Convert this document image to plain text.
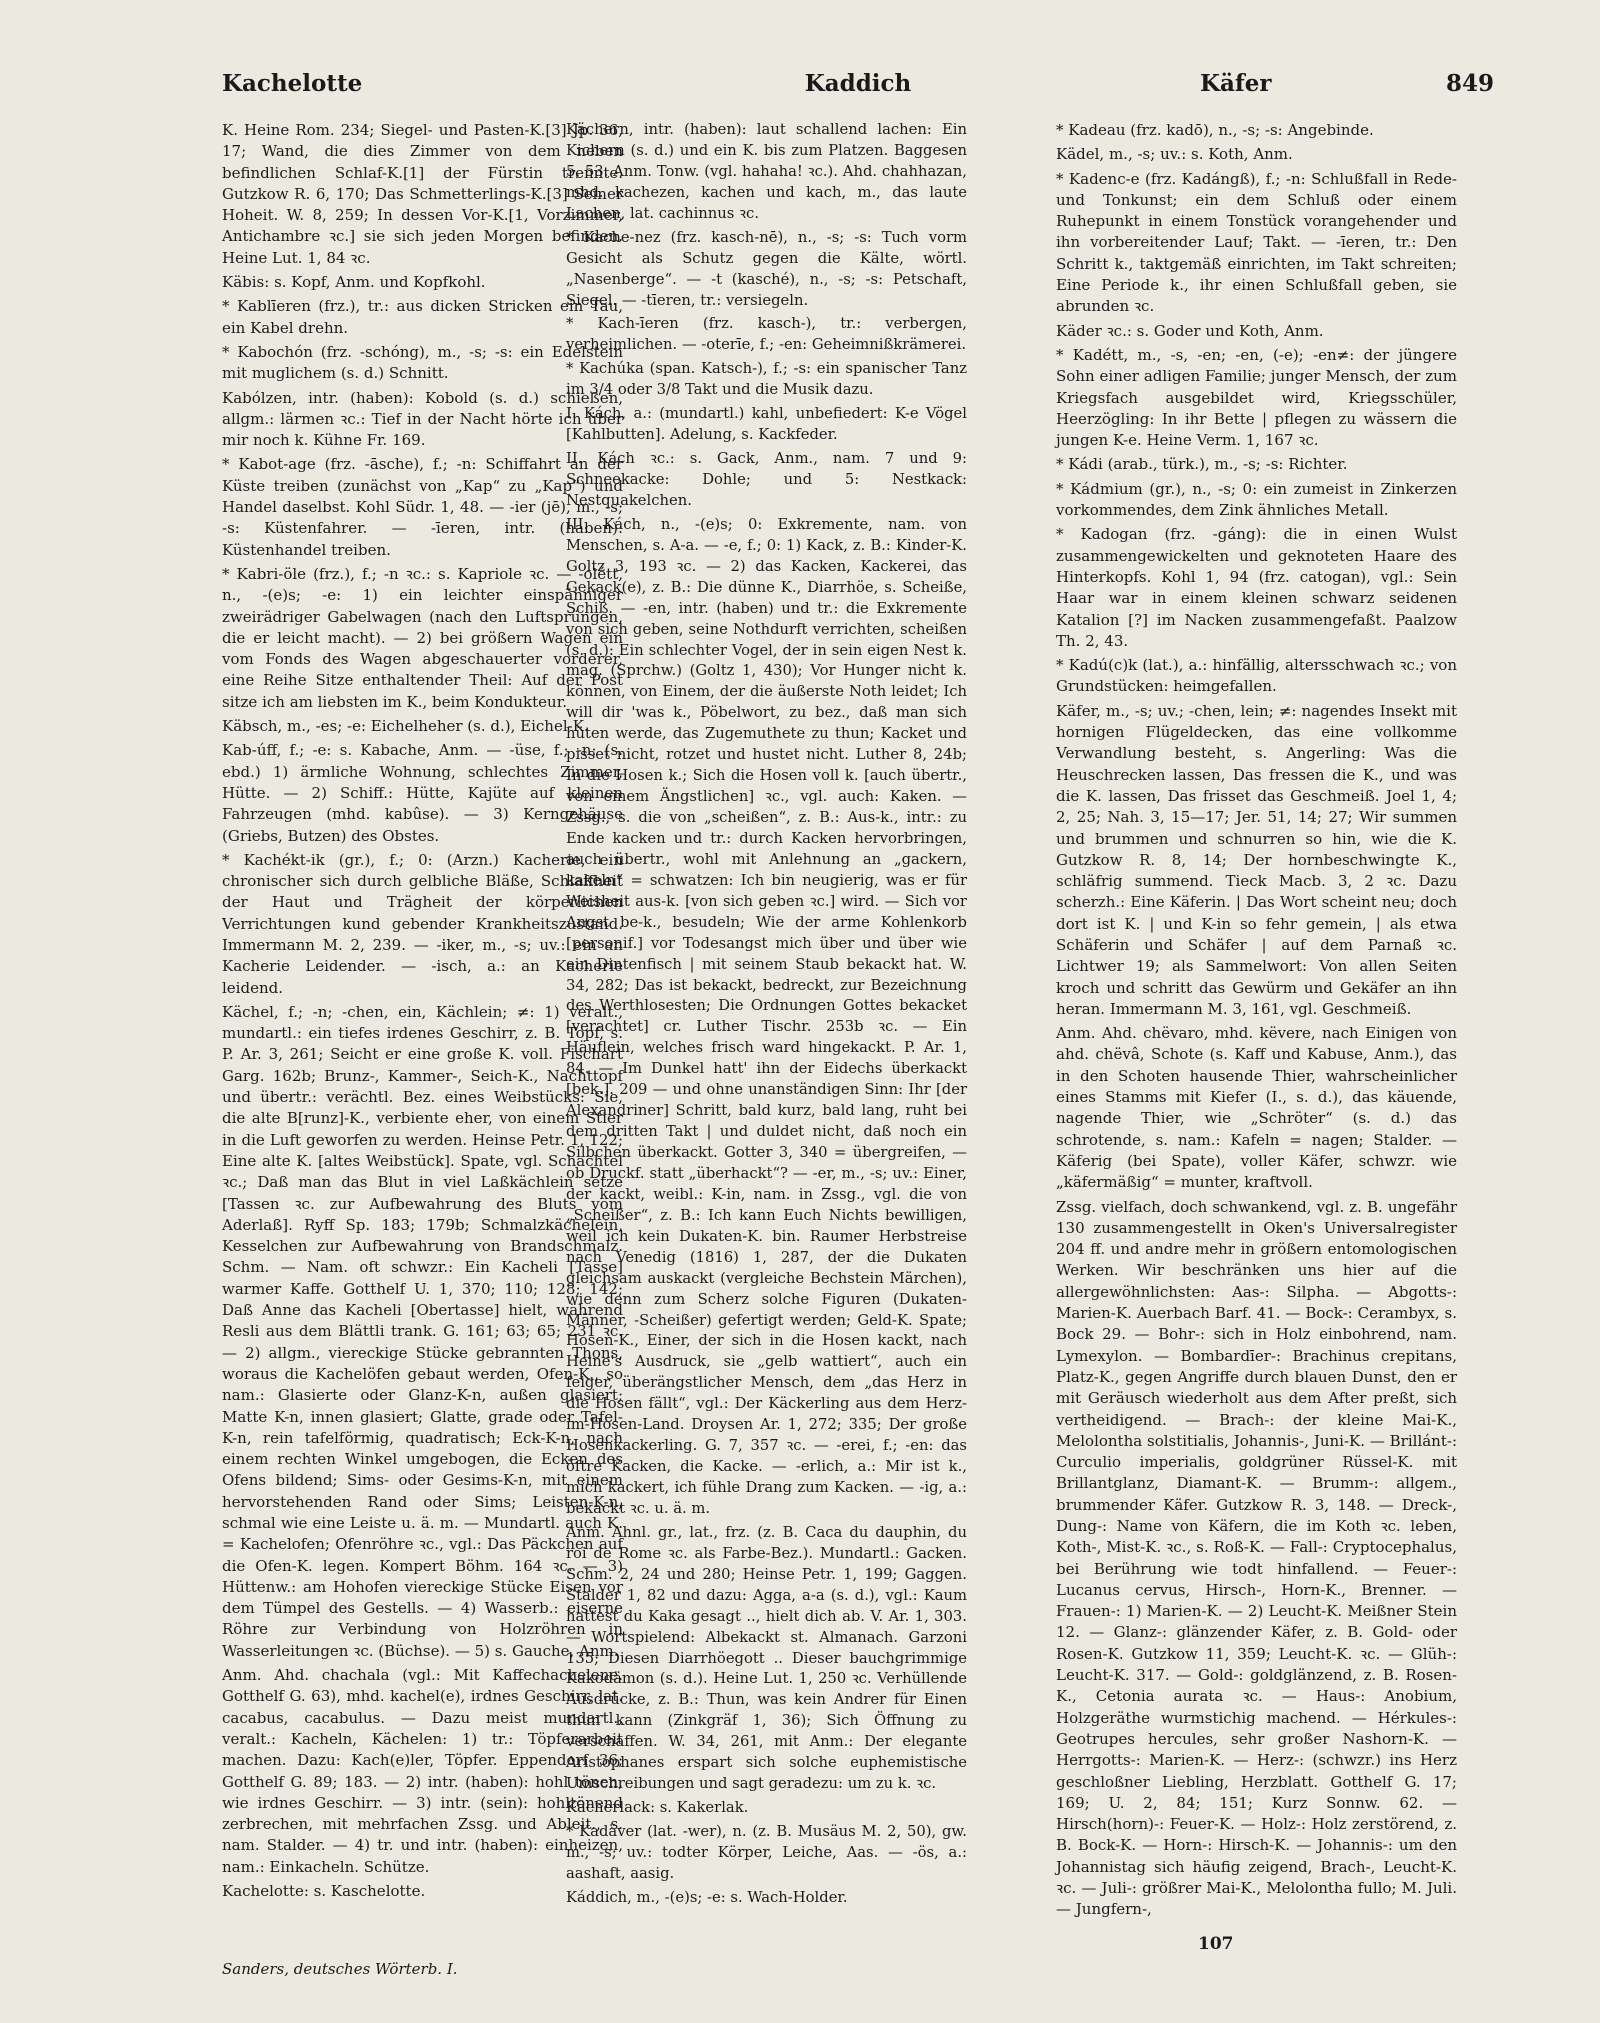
Kachelotte	Kaddich	Käfer	849

K. Heine Rom. 234; Siegel- und Pasten-K.[3] Jp. 36, 17; Wand, die dies Zimmer von dem neben befindlichen Schlaf-K.[1] der Fürstin trennte. Gutzkow R. 6, 170; Das Schmetterlings-K.[3] Seiner Hoheit. W. 8, 259; In dessen Vor-K.[1, Vorzimmer, Antichambre ꝛc.] sie sich jeden Morgen befinden. Heine Lut. 1, 84 ꝛc.

Käbis: s. Kopf, Anm. und Kopfkohl.

* Kablīeren (frz.), tr.: aus dicken Stricken ein Tau, ein Kabel drehn.

* Kabochón (frz. -schóng), m., -s; -s: ein Edelstein mit muglichem (s. d.) Schnitt.

Kabólzen, intr. (haben): Kobold (s. d.) schießen, allgm.: lärmen ꝛc.: Tief in der Nacht hörte ich über mir noch k. Kühne Fr. 169.

* Kabot-age (frz. -āsche), f.; -n: Schiffahrt an der Küste treiben (zunächst von „Kap“ zu „Kap“) und Handel daselbst. Kohl Südr. 1, 48. — -ier (jē), m., -s; -s: Küstenfahrer. — -īeren, intr. (haben): Küstenhandel treiben.

* Kabri-öle (frz.), f.; -n ꝛc.: s. Kapriole ꝛc. — -olétt, n., -(e)s; -e: 1) ein leichter einspänniger zweirädriger Gabelwagen (nach den Luftsprüngen, die er leicht macht). — 2) bei größern Wagen ein vom Fonds des Wagen abgeschauerter vorderer, eine Reihe Sitze enthaltender Theil: Auf der Post sitze ich am liebsten im K., beim Kondukteur.

Käbsch, m., -es; -e: Eichelheher (s. d.), Eichel-K.

Kab-úff, f.; -e: s. Kabache, Anm. — -üse, f.; -n: (s. ebd.) 1) ärmliche Wohnung, schlechtes Zimmer, Hütte. — 2) Schiff.: Hütte, Kajüte auf kleinen Fahrzeugen (mhd. kabûse). — 3) Kerngehäuse (Griebs, Butzen) des Obstes.

* Kachékt-ik (gr.), f.; 0: (Arzn.) Kacherie, ein chronischer sich durch gelbliche Bläße, Schlaffheit der Haut und Trägheit der körperlichen Verrichtungen kund gebender Krankheitszustand. Immermann M. 2, 239. — -iker, m., -s; uv.: ein an Kacherie Leidender. — -isch, a.: an Kacherie leidend.

Kächel, f.; -n; -chen, ein, Kächlein; ≠: 1) veralt., mundartl.: ein tiefes irdenes Geschirr, z. B. Topf, s. P. Ar. 3, 261; Seicht er eine große K. voll. Fischart Garg. 162b; Brunz-, Kammer-, Seich-K., Nachttopf und übertr.: verächtl. Bez. eines Weibstücks: Sie, die alte B[runz]-K., verbiente eher, von einem Stier in die Luft geworfen zu werden. Heinse Petr. 1, 122; Eine alte K. [altes Weibstück]. Spate, vgl. Schachtel ꝛc.; Daß man das Blut in viel Laßkächlein setze [Tassen ꝛc. zur Aufbewahrung des Bluts vom Aderlaß]. Ryff Sp. 183; 179b; Schmalzkächelein, Kesselchen zur Aufbewahrung von Brandschmalz. Schm. — Nam. oft schwzr.: Ein Kacheli [Tasse] warmer Kaffe. Gotthelf U. 1, 370; 110; 128; 142; Daß Anne das Kacheli [Obertasse] hielt, während Resli aus dem Blättli trank. G. 161; 63; 65; 231 ꝛc. — 2) allgm., viereckige Stücke gebrannten Thons, woraus die Kachelöfen gebaut werden, Ofen-K., so nam.: Glasierte oder Glanz-K-n, außen glasiert; Matte K-n, innen glasiert; Glatte, grade oder Tafel-K-n, rein tafelförmig, quadratisch; Eck-K-n, nach einem rechten Winkel umgebogen, die Ecken des Ofens bildend; Sims- oder Gesims-K-n, mit einem hervorstehenden Rand oder Sims; Leisten-K-n, schmal wie eine Leiste u. ä. m. — Mundartl. auch K. = Kachelofen; Ofenröhre ꝛc., vgl.: Das Päckchen auf die Ofen-K. legen. Kompert Böhm. 164 ꝛc. — 3) Hüttenw.: am Hohofen viereckige Stücke Eisen vor dem Tümpel des Gestells. — 4) Wasserb.: eiserne Röhre zur Verbindung von Holzröhren in Wasserleitungen ꝛc. (Büchse). — 5) s. Gauche, Anm.

Anm. Ahd. chachala (vgl.: Mit Kaffechachelene. Gotthelf G. 63), mhd. kachel(e), irdnes Geschirr, lat. cacabus, cacabulus. — Dazu meist mundartl., veralt.: Kacheln, Kächelen: 1) tr.: Töpferarbeit machen. Dazu: Kach(e)ler, Töpfer. Eppendorf 36; Gotthelf G. 89; 183. — 2) intr. (haben): hohl tönen, wie irdnes Geschirr. — 3) intr. (sein): hohltönend zerbrechen, mit mehrfachen Zssg. und Ableit., s. nam. Stalder. — 4) tr. und intr. (haben): einheizen, nam.: Einkacheln. Schütze.

Kachelotte: s. Kaschelotte.

Kächern, intr. (haben): laut schallend lachen: Ein Kichern (s. d.) und ein K. bis zum Platzen. Baggesen 5, 53. Anm. Tonw. (vgl. hahaha! ꝛc.). Ahd. chahhazan, mhd. kachezen, kachen und kach, m., das laute Lachen, lat. cachinnus ꝛc.

* Kache-nez (frz. kasch-nē), n., -s; -s: Tuch vorm Gesicht als Schutz gegen die Kälte, wörtl. „Nasenberge“. — -t (kasché), n., -s; -s: Petschaft, Siegel. — -tīeren, tr.: versiegeln.

* Kach-īeren (frz. kasch-), tr.: verbergen, verheimlichen. — -oterīe, f.; -en: Geheimnißkrämerei.

* Kachúka (span. Katsch-), f.; -s: ein spanischer Tanz im 3/4 oder 3/8 Takt und die Musik dazu.

I. Kách, a.: (mundartl.) kahl, unbefiedert: K-e Vögel [Kahlbutten]. Adelung, s. Kackfeder.

II. Kách ꝛc.: s. Gack, Anm., nam. 7 und 9: Schneekacke: Dohle; und 5: Nestkack: Nestquakelchen.

III. Kách, n., -(e)s; 0: Exkremente, nam. von Menschen, s. A-a. — -e, f.; 0: 1) Kack, z. B.: Kinder-K. Goltz 3, 193 ꝛc. — 2) das Kacken, Kackerei, das Gekack(e), z. B.: Die dünne K., Diarrhöe, s. Scheiße, Schiß. — -en, intr. (haben) und tr.: die Exkremente von sich geben, seine Nothdurft verrichten, scheißen (s. d.): Ein schlechter Vogel, der in sein eigen Nest k. mag. (Sprchw.) (Goltz 1, 430); Vor Hunger nicht k. können, von Einem, der die äußerste Noth leidet; Ich will dir 'was k., Pöbelwort, zu bez., daß man sich hüten werde, das Zugemuthete zu thun; Kacket und pisset nicht, rotzet und hustet nicht. Luther 8, 24b; In die Hosen k.; Sich die Hosen voll k. [auch übertr., von einem Ängstlichen] ꝛc., vgl. auch: Kaken. — Zssg., s. die von „scheißen“, z. B.: Aus-k., intr.: zu Ende kacken und tr.: durch Kacken hervorbringen, auch übertr., wohl mit Anlehnung an „gackern, kakeln“ = schwatzen: Ich bin neugierig, was er für Weisheit aus-k. [von sich geben ꝛc.] wird. — Sich vor Angst be-k., besudeln; Wie der arme Kohlenkorb [personif.] vor Todesangst mich über und über wie ein Dintenfisch | mit seinem Staub bekackt hat. W. 34, 282; Das ist bekackt, bedreckt, zur Bezeichnung des Werthlosesten; Die Ordnungen Gottes bekacket [verachtet] cr. Luther Tischr. 253b ꝛc. — Ein Häuflein, welches frisch ward hingekackt. P. Ar. 1, 84. — Im Dunkel hatt' ihn der Eidechs überkackt [bek.]. 209 — und ohne unanständigen Sinn: Ihr [der Alexandriner] Schritt, bald kurz, bald lang, ruht bei dem dritten Takt | und duldet nicht, daß noch ein Silbchen überkackt. Gotter 3, 340 = übergreifen, — ob Druckf. statt „überhackt“? — -er, m., -s; uv.: Einer, der kackt, weibl.: K-in, nam. in Zssg., vgl. die von „Scheißer“, z. B.: Ich kann Euch Nichts bewilligen, weil ich kein Dukaten-K. bin. Raumer Herbstreise nach Venedig (1816) 1, 287, der die Dukaten gleichsam auskackt (vergleiche Bechstein Märchen), wie denn zum Scherz solche Figuren (Dukaten-Männer, -Scheißer) gefertigt werden; Geld-K. Spate; Hosen-K., Einer, der sich in die Hosen kackt, nach Heine's Ausdruck, sie „gelb wattiert“, auch ein feiger, überängstlicher Mensch, dem „das Herz in die Hosen fällt“, vgl.: Der Käckerling aus dem Herz-im-Hosen-Land. Droysen Ar. 1, 272; 335; Der große Hosenkackerling. G. 7, 357 ꝛc. — -erei, f.; -en: das öftre Kacken, die Kacke. — -erlich, a.: Mir ist k., mich kackert, ich fühle Drang zum Kacken. — -ig, a.: bekackt ꝛc. u. ä. m.

Anm. Ahnl. gr., lat., frz. (z. B. Caca du dauphin, du roi de Rome ꝛc. als Farbe-Bez.). Mundartl.: Gacken. Schm. 2, 24 und 280; Heinse Petr. 1, 199; Gaggen. Stalder 1, 82 und dazu: Agga, a-a (s. d.), vgl.: Kaum hattest du Kaka gesagt .., hielt dich ab. V. Ar. 1, 303. — Wortspielend: Albekackt st. Almanach. Garzoni 135; Diesen Diarrhöegott .. Dieser bauchgrimmige Kakodämon (s. d.). Heine Lut. 1, 250 ꝛc. Verhüllende Ausdrücke, z. B.: Thun, was kein Andrer für Einen thun kann (Zinkgräf 1, 36); Sich Öffnung zu verschaffen. W. 34, 261, mit Anm.: Der elegante Aristophanes erspart sich solche euphemistische Umschreibungen und sagt geradezu: um zu k. ꝛc.

Kächerlack: s. Kakerlak.

* Kadäver (lat. -wer), n. (z. B. Musäus M. 2, 50), gw. m., -s; uv.: todter Körper, Leiche, Aas. — -ös, a.: aashaft, aasig.

Káddich, m., -(e)s; -e: s. Wach-Holder.

* Kadeau (frz. kadō), n., -s; -s: Angebinde.

Kädel, m., -s; uv.: s. Koth, Anm.

* Kadenc-e (frz. Kadángß), f.; -n: Schlußfall in Rede- und Tonkunst; ein dem Schluß oder einem Ruhepunkt in einem Tonstück vorangehender und ihn vorbereitender Lauf; Takt. — -īeren, tr.: Den Schritt k., taktgemäß einrichten, im Takt schreiten; Eine Periode k., ihr einen Schlußfall geben, sie abrunden ꝛc.

Käder ꝛc.: s. Goder und Koth, Anm.

* Kadétt, m., -s, -en; -en, (-e); -en≠: der jüngere Sohn einer adligen Familie; junger Mensch, der zum Kriegsfach ausgebildet wird, Kriegsschüler, Heerzögling: In ihr Bette | pflegen zu wässern die jungen K-e. Heine Verm. 1, 167 ꝛc.

* Kádi (arab., türk.), m., -s; -s: Richter.

* Kádmium (gr.), n., -s; 0: ein zumeist in Zinkerzen vorkommendes, dem Zink ähnliches Metall.

* Kadogan (frz. -gáng): die in einen Wulst zusammengewickelten und geknoteten Haare des Hinterkopfs. Kohl 1, 94 (frz. catogan), vgl.: Sein Haar war in einem kleinen schwarz seidenen Katalion [?] im Nacken zusammengefaßt. Paalzow Th. 2, 43.

* Kadú(c)k (lat.), a.: hinfällig, altersschwach ꝛc.; von Grundstücken: heimgefallen.

Käfer, m., -s; uv.; -chen, lein; ≠: nagendes Insekt mit hornigen Flügeldecken, das eine vollkomme Verwandlung besteht, s. Angerling: Was die Heuschrecken lassen, Das fressen die K., und was die K. lassen, Das frisset das Geschmeiß. Joel 1, 4; 2, 25; Nah. 3, 15—17; Jer. 51, 14; 27; Wir summen und brummen und schnurren so hin, wie die K. Gutzkow R. 8, 14; Der hornbeschwingte K., schläfrig summend. Tieck Macb. 3, 2 ꝛc. Dazu scherzh.: Eine Käferin. | Das Wort scheint neu; doch dort ist K. | und K-in so fehr gemein, | als etwa Schäferin und Schäfer | auf dem Parnaß ꝛc. Lichtwer 19; als Sammelwort: Von allen Seiten kroch und schritt das Gewürm und Gekäfer an ihn heran. Immermann M. 3, 161, vgl. Geschmeiß.

Anm. Ahd. chëvaro, mhd. këvere, nach Einigen von ahd. chëvâ, Schote (s. Kaff und Kabuse, Anm.), das in den Schoten hausende Thier, wahrscheinlicher eines Stamms mit Kiefer (I., s. d.), das käuende, nagende Thier, wie „Schröter“ (s. d.) das schrotende, s. nam.: Kafeln = nagen; Stalder. — Käferig (bei Spate), voller Käfer, schwzr. wie „käfermäßig“ = munter, kraftvoll.

Zssg. vielfach, doch schwankend, vgl. z. B. ungefähr 130 zusammengestellt in Oken's Universalregister 204 ff. und andre mehr in größern entomologischen Werken. Wir beschränken uns hier auf die allergewöhnlichsten: Aas-: Silpha. — Abgotts-: Marien-K. Auerbach Barf. 41. — Bock-: Cerambyx, s. Bock 29. — Bohr-: sich in Holz einbohrend, nam. Lymexylon. — Bombardīer-: Brachinus crepitans, Platz-K., gegen Angriffe durch blauen Dunst, den er mit Geräusch wiederholt aus dem After preßt, sich vertheidigend. — Brach-: der kleine Mai-K., Melolontha solstitialis, Johannis-, Juni-K. — Brillánt-: Curculio imperialis, goldgrüner Rüssel-K. mit Brillantglanz, Diamant-K. — Brumm-: allgem., brummender Käfer. Gutzkow R. 3, 148. — Dreck-, Dung-: Name von Käfern, die im Koth ꝛc. leben, Koth-, Mist-K. ꝛc., s. Roß-K. — Fall-: Cryptocephalus, bei Berührung wie todt hinfallend. — Feuer-: Lucanus cervus, Hirsch-, Horn-K., Brenner. — Frauen-: 1) Marien-K. — 2) Leucht-K. Meißner Stein 12. — Glanz-: glänzender Käfer, z. B. Gold- oder Rosen-K. Gutzkow 11, 359; Leucht-K. ꝛc. — Glüh-: Leucht-K. 317. — Gold-: goldglänzend, z. B. Rosen-K., Cetonia aurata ꝛc. — Haus-: Anobium, Holzgeräthe wurmstichig machend. — Hérkules-: Geotrupes hercules, sehr großer Nashorn-K. — Herrgotts-: Marien-K. — Herz-: (schwzr.) ins Herz geschloßner Liebling, Herzblatt. Gotthelf G. 17; 169; U. 2, 84; 151; Kurz Sonnw. 62. — Hirsch(horn)-: Feuer-K. — Holz-: Holz zerstörend, z. B. Bock-K. — Horn-: Hirsch-K. — Johannis-: um den Johannistag sich häufig zeigend, Brach-, Leucht-K. ꝛc. — Juli-: größrer Mai-K., Melolontha fullo; M. Juli. — Jungfern-,

Sanders, deutsches Wörterb. I.
107
